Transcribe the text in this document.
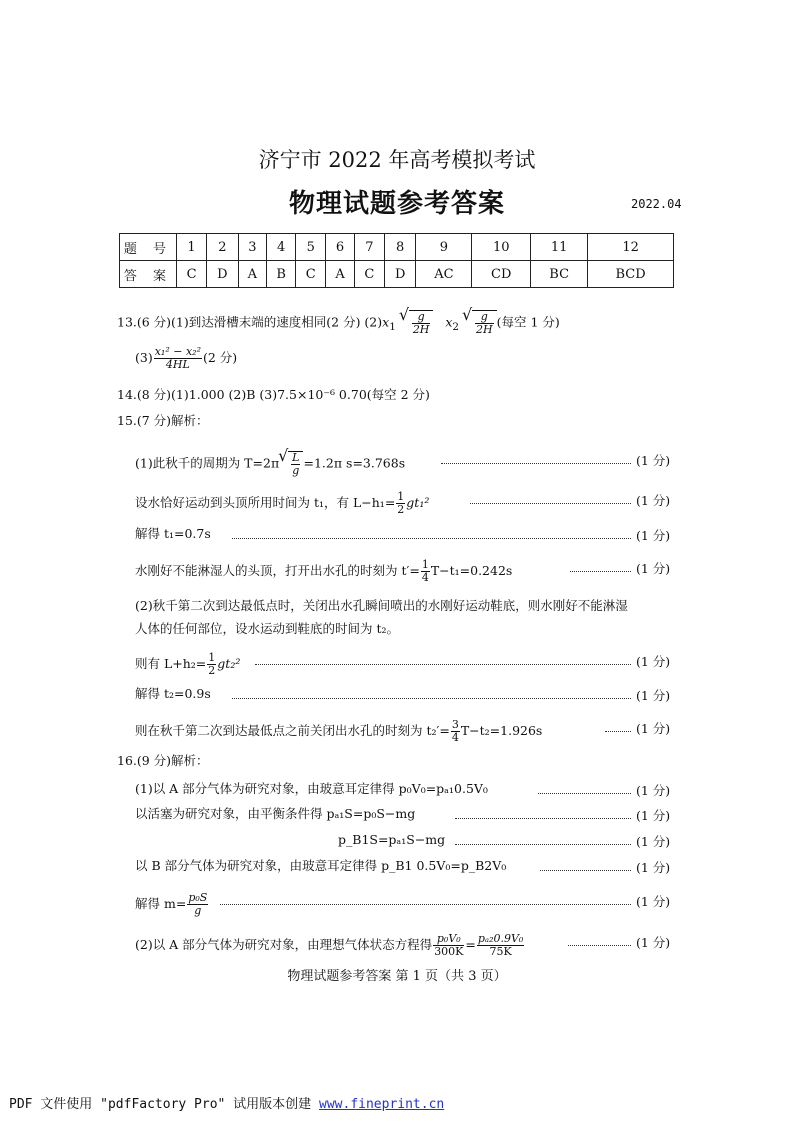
济宁市 2022 年高考模拟考试
物理试题参考答案	2022.04
题 号	1	2	3	4	5	6	7	8	9	10	11	12
答 案	C	D	A	B	C	A	C	D	AC	CD	BC	BCD
13.(6 分)(1)到达滑槽末端的速度相同(2 分) $(2)x_1$ √ $\frac{g}{2H} x_2$ √ $\frac{g}{2H}$ (每空 1 分)
$(3) \frac{\text{x₁² − x₂²}}{4HL} (2$ 分)
14.(8 分)(1)1.000 (2)B (3)7.5×10⁻⁶ 0.70(每空 2 分)
15.(7 分)解析：
(1)此秋千的周期为 T=2π √ $\frac{L}{g} =1.2\pi$ s=3.768s	(1 分)
设水恰好运动到头顶所用时间为 t₁，有 $L-h_1= \frac{1}{2} gt_1^2$	(1 分)
解得 t₁=0.7s	(1 分)
水刚好不能淋湿人的头顶，打开出水孔的时刻为 $t'= \frac{1}{4} T-t_1=0.242s$	(1 分)
(2)秋千第二次到达最低点时，关闭出水孔瞬间喷出的水刚好运动鞋底，则水刚好不能淋湿
人体的任何部位，设水运动到鞋底的时间为 t₂。
则有 $L+h_2= \frac{1}{2} gt_2^2$	(1 分)
解得 t₂=0.9s	(1 分)
则在秋千第二次到达最低点之前关闭出水孔的时刻为 $t_2'= \frac{3}{4} T-t_2=1.926s$	(1 分)
16.(9 分)解析：
(1)以 A 部分气体为研究对象，由玻意耳定律得 p₀V₀=pₐ₁0.5V₀	(1 分)
以活塞为研究对象，由平衡条件得 pₐ₁S=p₀S−mg	(1 分)
p_B1S=pₐ₁S−mg	(1 分)
以 B 部分气体为研究对象，由玻意耳定律得 p_B1 0.5V₀=p_B2V₀	(1 分)
解得 $m= \frac{\text{p₀S}}{g}$	(1 分)
(2)以 A 部分气体为研究对象，由理想气体状态方程得 $\frac{\text{p₀V₀}}{300K} = \frac{\text{pₐ₂0.9V₀}}{75K}$	(1 分)
物理试题参考答案 第 1 页（共 3 页）
PDF 文件使用 "pdfFactory Pro" 试用版本创建 www.fineprint.cn
